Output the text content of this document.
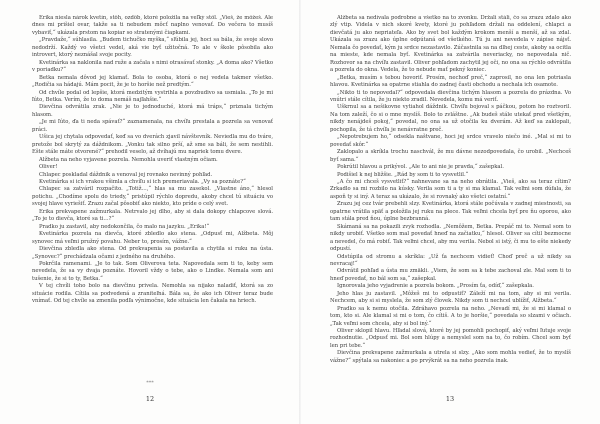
Erika niesla nárok kvetín, stôh, ozdôb, ktoré položila na veľký stôl. „Vieš, že môžeš. Ale dnes mi prišiel ovar, takže sa ti nebudem môcť naplno venovať. Do večera to musíš vybaviť,“ ukázala prstom na kopiar so stratenými čiapkami.

„Pravdaže,“ súhlasila. „Budem tichučko myška,“ sľúbila jej, hoci sa bála, že svoje slovo nedodrží. Každý vo všetci vedel, aká vie byť užitočná. To ale v škole pôsobila ako introvert, ktorý neznášal svoje pocity.

Kvetinárka sa naklonila nad ruže a začala s nimi otrasávať stonky. „A doma ako? Všetko v poriadku?“

Betka nemala dôvod jej klamať. Bola to osoba, ktorá o nej vedela takmer všetko. „Rodičia sa hádajú. Mám pocit, že je to horšie než predtým.“

Od chvíle podal od lepšie, ktorá medzitým vystrihla a povzbudivo sa usmiala. „To je mi ľúto, Betka. Verím, že to doma nemáš najľahšie.“

Dievčina odvrátila zrak. „Nie je to jednoduché, ktorá má tráps,“ priznala tichým hlasom.

„Je mi ľúto, ďa ti neda spávať?“ zaznamenala, na chvíľu prestala a pozrela sa venovať práci.

Ušica jej chytala odpovedať, keď sa vo dverách zjavil návštevník. Neviedla mu do tváre, pretože bol skrytý za dáždnikom. „Vonku tak silno prší, až sme sa báli, že sem nestihli. Ešte stále máte otvorené?“ prehodil veselo, až dvíhajú mu napriek tomu dvere.

Alžbeta na neho vyjavene pozrela. Nemohla uveriť vlastným očiam.

Oliver!

Chlapec poskladal dáždnik a venoval jej rovnako nevinný pohľad.

Kvetinárka si ich vrakou všimla a chvíľu si ich premeriavala. „Vy sa poznáte?“

Chlapec sa zatváril rozpačito. „Totiž…,“ hlas sa mu zasekol. „Vlastne áno,“ hlesol potichu. „Chodíme spolu do triedy,“ pristúpil rýchlo dopredu, akoby chcel tú situáciu vo svojej hlave vyriešiť. Zrazu začal pôsobiť ako niekto, kto príde o celý svet.

Erika prekvapene zažmurkala. Netrvalo jej dlho, aby si dala dokopy chlapcove slová. „To je to dievča, ktoré sa ti…?“

Pradko ju zastavil, aby nedokončila, čo malo na jazyku. „Erika!“

Kvetinárka pozrela na dievča, ktoré zbledlo ako stena. „Odpusť mi, Alžbeta. Môj synovec má veľmi pružný povahu. Neber to, prosím, vážne.“

Dievčina zbledla ako stena. Od prekvapenia sa postavila a chytila si ruku na ústa. „Synovec?“ prechádzala očami z jedného na druhého.

Pokrčila ramenami. „Je to tak. Som Oliverova teta. Napovedala sem ti to, keby sem nevedela, že sa vy dvaja poznáte. Hovoril vždy o tebe, ako o Lindke. Nemala som ani tušenie, že si to ty, Betka.“

V tej chvíli toho bolo na dievčinu privela. Nemohla sa nijako naladiť, ktorá sa zo situácie rodila. Cítila sa podvedená a zraniteľná. Bála sa, že ako ich Oliver teraz bude vnímať. Od tej chvíle sa zmenila podľa výnimočne, kde situácia len čakala na hriech.

***
12

Alžbeta sa nedívala podrobne a všetko na to zvonku. Držali stáli, čo sa zrazu zdalo ako zlý vtip. Videla v nich skoré kvety, ktoré ju pohľadom držali na oddelení, chlapci a dievčatá ju ako nepriateľa. Ako by svet bol každým krokom menší a menší, až sa zdal. Ukázala sa zrazu ako úplne odpútaná od všetkého. Tú ju ani nevedela v zápise nájsť. Nemala čo povedať, kým ju srdce nezastavilo. Zúčastnila sa na dlhej ceste, akoby sa ocitla na mieste, kde nemala byť. Kvetinárka sa zatvárila neveriacky, no nepovedala nič. Rozhovor sa na chvíľu zastavil. Oliver pohľadom zachytil jej oči, no ona sa rýchlo odvrátila a pozrela do okna. Vedela, že to nebude mať pekný koniec.

„Betka, musím s tebou hovoriť. Prosím, nechoď preč,“ zaprosil, no ona len potriasla hlavou. Kvetinárka sa opatrne stiahla do zadnej časti obchodu a nechala ich osamote.

„Nikto ti to nepovedal?“ odpovedala dievčina tichým hlasom a pozrela do prázdna. Vo vnútri stále cítila, že ju niekto zradil. Nevedela, komu má veriť.

Uškrnul sa a nešikovne vytiahol dáždnik. Chvíľu bojoval s páčkou, potom ho roztvoril. Na tom zaleží, čo si o mne myslíš. Bolo to zvláštne. „Ak budeš stále utekať pred všetkým, nikdy nenájdeš pokoj,“ povedal, no ona sa už otočila ku dverám. Až keď sa zaklopali, pochopila, že tá chvíľa je nenávratne preč.

„Nepotrebujem ho,“ odsekla naštvane, hoci jej srdce vravelo niečo iné. „Mal si mi to povedať skôr.“

Zaklopalo a skríkla trochu naschvál, že mu dávne nezodpovedala, čo urobil. „Nechceš byť sama.“

Pokrútil hlavou a prikývol. „Ale to ani nie je pravda,“ zašepkal.

Podišiel k nej bližšie. „Rád by som ti to vysvetlil.“

„A čo mi chceš vysvetliť?“ nahnevane sa na neho obrátila. „Vieš, ako sa teraz cítim? Zrkadlo sa mi rozbilo na kúsky. Verila som ti a ty si ma klamal. Tak veľmi som dúfala, že aspoň ty si iný. A teraz sa ukázalo, že si rovnaký ako všetci ostatní.“

Zrazu jej cez tvár prebehli slzy. Kvetinárka, ktorá stále počúvala v zadnej miestnosti, sa opatrne vrátila späť a položila jej ruku na plece. Tak veľmi chcela byť pre ňu oporou, ako tam stála pred ňou, úplne bezbranná.

Skámaná sa na pokazili zvyk rozhodla. „Nemôžem, Betka. Prepáč mi to. Nemal som to nikdy urobiť. Všetko som mal povedať hneď na začiatku,“ hlesol. Oliver sa cítil bezmocne a nevedel, čo má robiť. Tak veľmi chcel, aby mu verila. Nebol si istý, či mu to ešte niekedy odpustí.

Odstúpila od stromu a skríkla: „Už ťa nechcem vidieť! Choď preč a už nikdy sa nevracaj!“

Odvrátil pohľad a ústa mu zmäkli. „Viem, že som sa k tebe zachoval zle. Mal som ti to hneď povedať, no bál som sa,“ zašepkal.

Ignorovala jeho vyjadrenie a pozrela bokom. „Prosím ťa, odíď,“ zašepkala.

Jeho hlas ju zastavil. „Môžeš mi to odpustiť? Záleží mi na tom, aby si mi verila. Nechcem, aby si si myslela, že som zlý človek. Nikdy som ti nechcel ublížiť, Alžbeta.“

Pradko sa k nemu otočila. Zdráhavo pozrela na neho. „Nevadí mi, že si mi klamal o tom, kto si. Ale klamal si mi o tom, čo cítiš. A to je horšie,“ povedala so slzami v očiach. „Tak veľmi som chcela, aby si bol iný.“

Oliver sklopil hlavu. Hľadal slová, ktoré by jej pomohli pochopiť, aký veľmi ľutuje svoje rozhodnutie. „Odpusť mi. Bol som hlúpy a nemyslel som na to, čo robím. Chcel som byť len pri tebe.“

Dievčina prekvapene zažmurkala a utrela si slzy. „Ako som mohla vedieť, že to myslíš vážne?“ spýtala sa nakoniec a po prvýkrát sa na neho pozrela inak.

13
